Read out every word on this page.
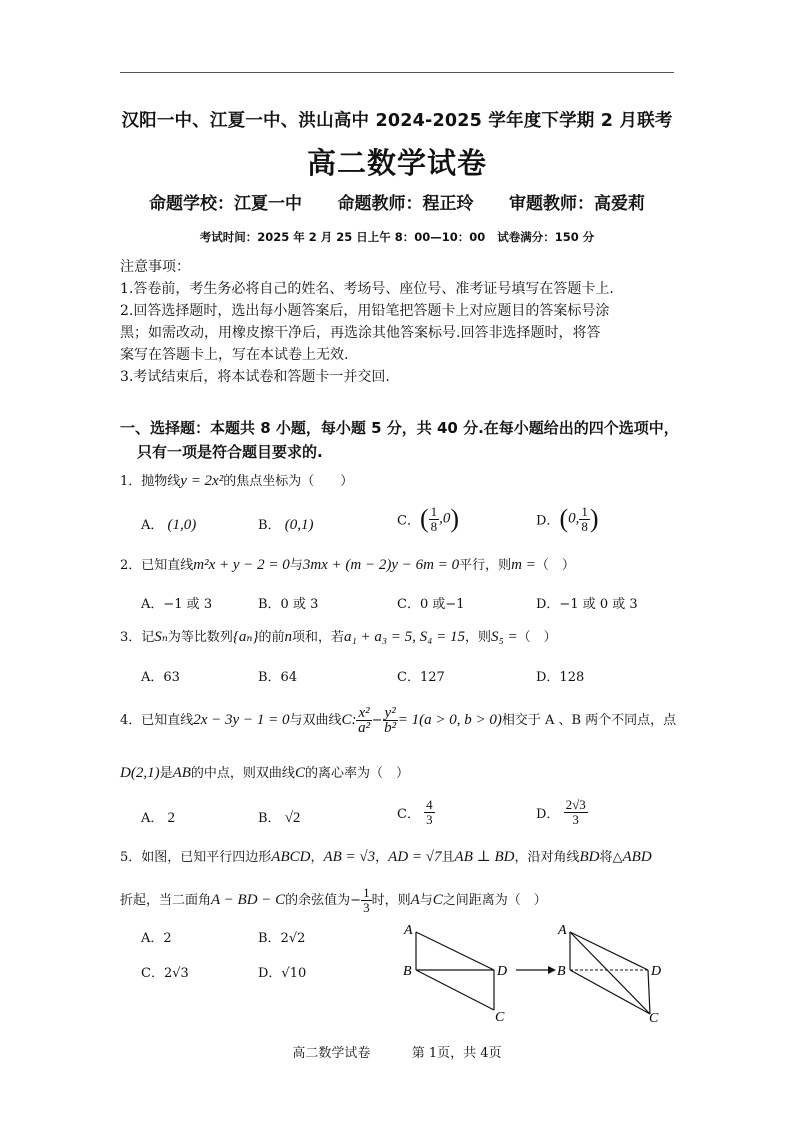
汉阳一中、江夏一中、洪山高中 2024-2025 学年度下学期 2 月联考
高二数学试卷
命题学校：江夏一中      命题教师：程正玲      审题教师：高爱莉
考试时间：2025 年 2 月 25 日上午 8：00—10：00   试卷满分：150 分
注意事项：
1.答卷前，考生务必将自己的姓名、考场号、座位号、准考证号填写在答题卡上.
2.回答选择题时，选出每小题答案后，用铅笔把答题卡上对应题目的答案标号涂
黑；如需改动，用橡皮擦干净后，再选涂其他答案标号.回答非选择题时，将答
案写在答题卡上，写在本试卷上无效.
3.考试结束后，将本试卷和答题卡一并交回.
一、选择题：本题共 8 小题，每小题 5 分，共 40 分.在每小题给出的四个选项中，
只有一项是符合题目要求的.
1．抛物线y = 2x²的焦点坐标为（　　）
A． (1,0)	B． (0,1)	C．( $\frac{1}{8} ,0$)	D．(0, $\frac{1}{8}$ )
2．已知直线m²x + y − 2 = 0与3mx + (m − 2)y − 6m = 0平行，则m =（　）
A．−1 或 3	B．0 或 3	C．0 或−1	D．−1 或 0 或 3
3．记Sₙ为等比数列{aₙ}的前n项和，若a₁ + a₃ = 5, S₄ = 15，则S₅ =（　）
A．63	B．64	C．127	D．128
4．已知直线2x − 3y − 1 = 0与双曲线C: $\frac{\text{x²}}{\text{a²}} - \frac{\text{y²}}{\text{b²}} = 1(a > 0$, b > 0)相交于 A 、B 两个不同点，点
D(2,1)是AB的中点，则双曲线C的离心率为（　）
A． 2	B． √2	C． $\frac{4}{3}$	D． $\frac{2√3}{3}$
5．如图，已知平行四边形ABCD，AB = √3，AD = √7且AB ⊥ BD，沿对角线BD将△ABD
折起，当二面角A − BD − C的余弦值为− $\frac{1}{3}$ 时，则A与C之间距离为（　）
A．2	B．2√2
C．2√3	D．√10
A
B	D
C
A
B	D
C
高二数学试卷          第 1页，共 4页
